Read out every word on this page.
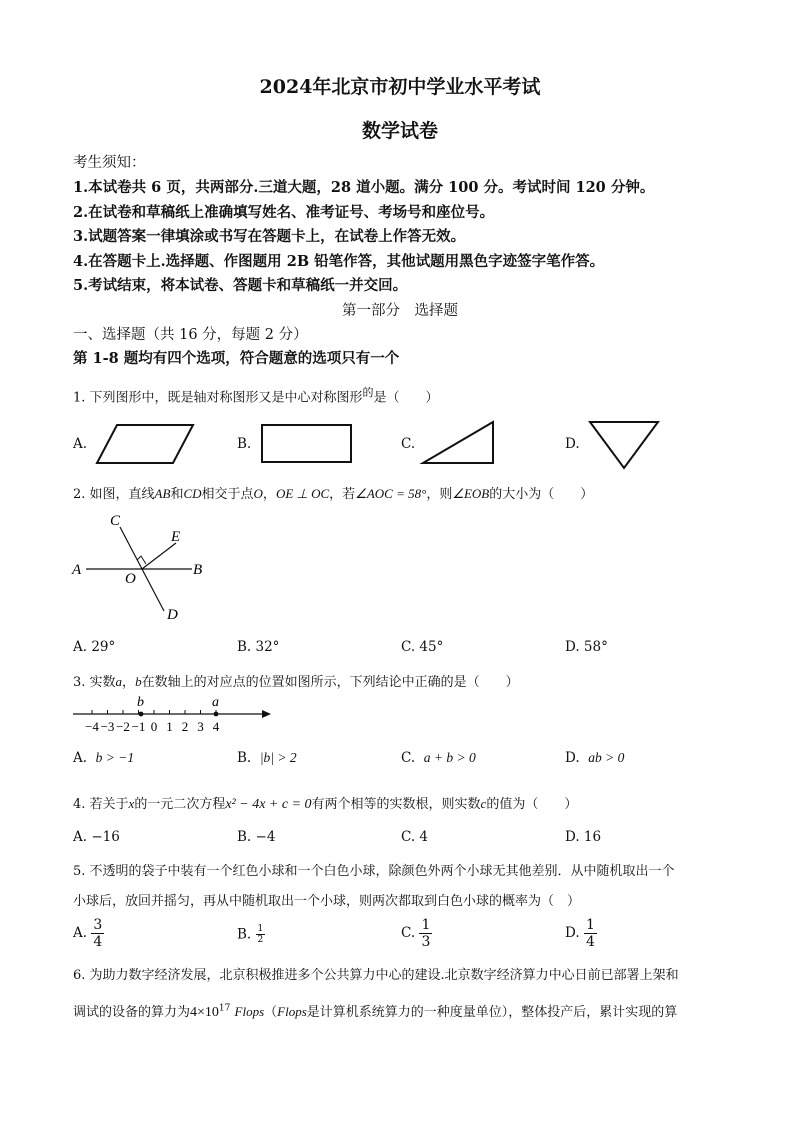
2024年北京市初中学业水平考试
数学试卷
考生须知：
1.本试卷共 6 页，共两部分.三道大题，28 道小题。满分 100 分。考试时间 120 分钟。
2.在试卷和草稿纸上准确填写姓名、准考证号、考场号和座位号。
3.试题答案一律填涂或书写在答题卡上，在试卷上作答无效。
4.在答题卡上.选择题、作图题用 2B 铅笔作答，其他试题用黑色字迹签字笔作答。
5.考试结束，将本试卷、答题卡和草稿纸一并交回。
第一部分　选择题
一、选择题（共 16 分，每题 2 分）
第 1-8 题均有四个选项，符合题意的选项只有一个
1. 下列图形中，既是轴对称图形又是中心对称图形$^的$是（　　）
A.	B.	C.	D.
2. 如图，直线AB和CD相交于点O，OE ⊥ OC，若∠AOC = 58°，则∠EOB的大小为（　　）
C
E
A
O
B
D
A. 29°	B. 32°	C. 45°	D. 58°
3. 实数a，b在数轴上的对应点的位置如图所示，下列结论中正确的是（　　）
−4 −3 −2 −1 0 1 2 3 4
b	a
A. b > −1	B. |b| > 2	C. a + b > 0	D. ab > 0
4. 若关于x的一元二次方程x² − 4x + c = 0有两个相等的实数根，则实数c的值为（　　）
A. −16	B. −4	C. 4	D. 16
5. 不透明的袋子中装有一个红色小球和一个白色小球，除颜色外两个小球无其他差别．从中随机取出一个
小球后，放回并摇匀，再从中随机取出一个小球，则两次都取到白色小球的概率为（　）
A. $\frac{3}{4}$	B. $\frac{1}{2}$	C. $\frac{1}{3}$	D. $\frac{1}{4}$
6. 为助力数字经济发展，北京积极推进多个公共算力中心的建设.北京数字经济算力中心日前已部署上架和
调试的设备的算力为$4\times 10^{17}$ Flops（Flops是计算机系统算力的一种度量单位），整体投产后，累计实现的算
